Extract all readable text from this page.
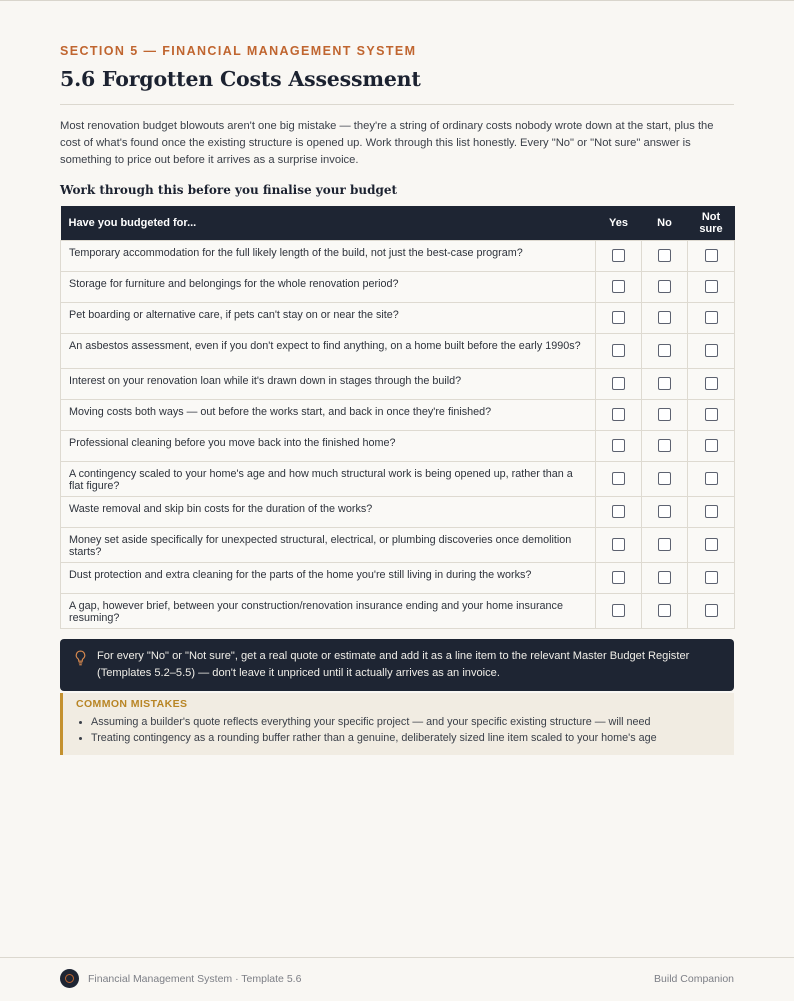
SECTION 5 — FINANCIAL MANAGEMENT SYSTEM
5.6 Forgotten Costs Assessment

Most renovation budget blowouts aren't one big mistake — they're a string of ordinary costs nobody wrote down at the start, plus the cost of what's found once the existing structure is opened up. Work through this list honestly. Every "No" or "Not sure" answer is something to price out before it arrives as a surprise invoice.

Work through this before you finalise your budget
Have you budgeted for...	Yes	No	Not sure
Temporary accommodation for the full likely length of the build, not just the best-case program?			
Storage for furniture and belongings for the whole renovation period?			
Pet boarding or alternative care, if pets can't stay on or near the site?			
An asbestos assessment, even if you don't expect to find anything, on a home built before the early 1990s?			
Interest on your renovation loan while it's drawn down in stages through the build?			
Moving costs both ways — out before the works start, and back in once they're finished?			
Professional cleaning before you move back into the finished home?			
A contingency scaled to your home's age and how much structural work is being opened up, rather than a flat figure?			
Waste removal and skip bin costs for the duration of the works?			
Money set aside specifically for unexpected structural, electrical, or plumbing discoveries once demolition starts?			
Dust protection and extra cleaning for the parts of the home you're still living in during the works?			
A gap, however brief, between your construction/renovation insurance ending and your home insurance resuming?			
For every "No" or "Not sure", get a real quote or estimate and add it as a line item to the relevant Master Budget Register (Templates 5.2–5.5) — don't leave it unpriced until it actually arrives as an invoice.
COMMON MISTAKES
Assuming a builder's quote reflects everything your specific project — and your specific existing structure — will need
Treating contingency as a rounding buffer rather than a genuine, deliberately sized line item scaled to your home's age
Financial Management System · Template 5.6	Build Companion
